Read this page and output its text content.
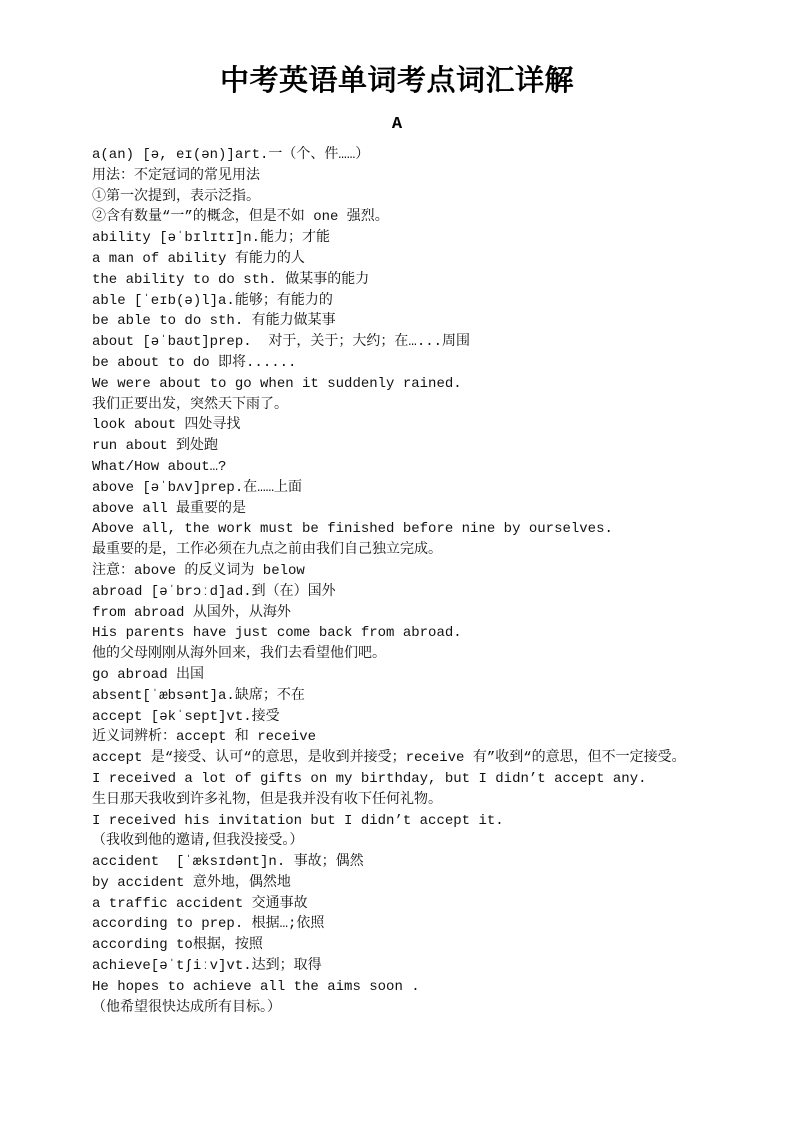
中考英语单词考点词汇详解
A

a(an) [ə, eɪ(ən)]art.一（个、件……）

用法：不定冠词的常见用法

①第一次提到，表示泛指。

②含有数量“一”的概念，但是不如 one 强烈。

ability [əˈbɪlɪtɪ]n.能力；才能

a man of ability 有能力的人

the ability to do sth. 做某事的能力

able [ˈeɪb(ə)l]a.能够；有能力的

be able to do sth. 有能力做某事

about [əˈbaʊt]prep.  对于，关于；大约；在…...周围

be about to do 即将......

We were about to go when it suddenly rained.

我们正要出发，突然天下雨了。

look about 四处寻找

run about 到处跑

What/How about…?

above [əˈbʌv]prep.在……上面

above all 最重要的是

Above all, the work must be finished before nine by ourselves.

最重要的是，工作必须在九点之前由我们自己独立完成。

注意：above 的反义词为 below

abroad [əˈbrɔːd]ad.到（在）国外

from abroad 从国外，从海外

His parents have just come back from abroad.

他的父母刚刚从海外回来，我们去看望他们吧。

go abroad 出国

absent[ˈæbsənt]a.缺席；不在

accept [əkˈsept]vt.接受

近义词辨析：accept 和 receive

accept 是“接受、认可“的意思，是收到并接受；receive 有”收到“的意思，但不一定接受。

I received a lot of gifts on my birthday, but I didn’t accept any.

生日那天我收到许多礼物，但是我并没有收下任何礼物。

I received his invitation but I didn’t accept it.

（我收到他的邀请,但我没接受。）

accident  [ˈæksɪdənt]n. 事故；偶然

by accident 意外地，偶然地

a traffic accident 交通事故

according to prep. 根据…;依照

according to根据，按照

achieve[əˈtʃiːv]vt.达到；取得

He hopes to achieve all the aims soon .

（他希望很快达成所有目标。）
